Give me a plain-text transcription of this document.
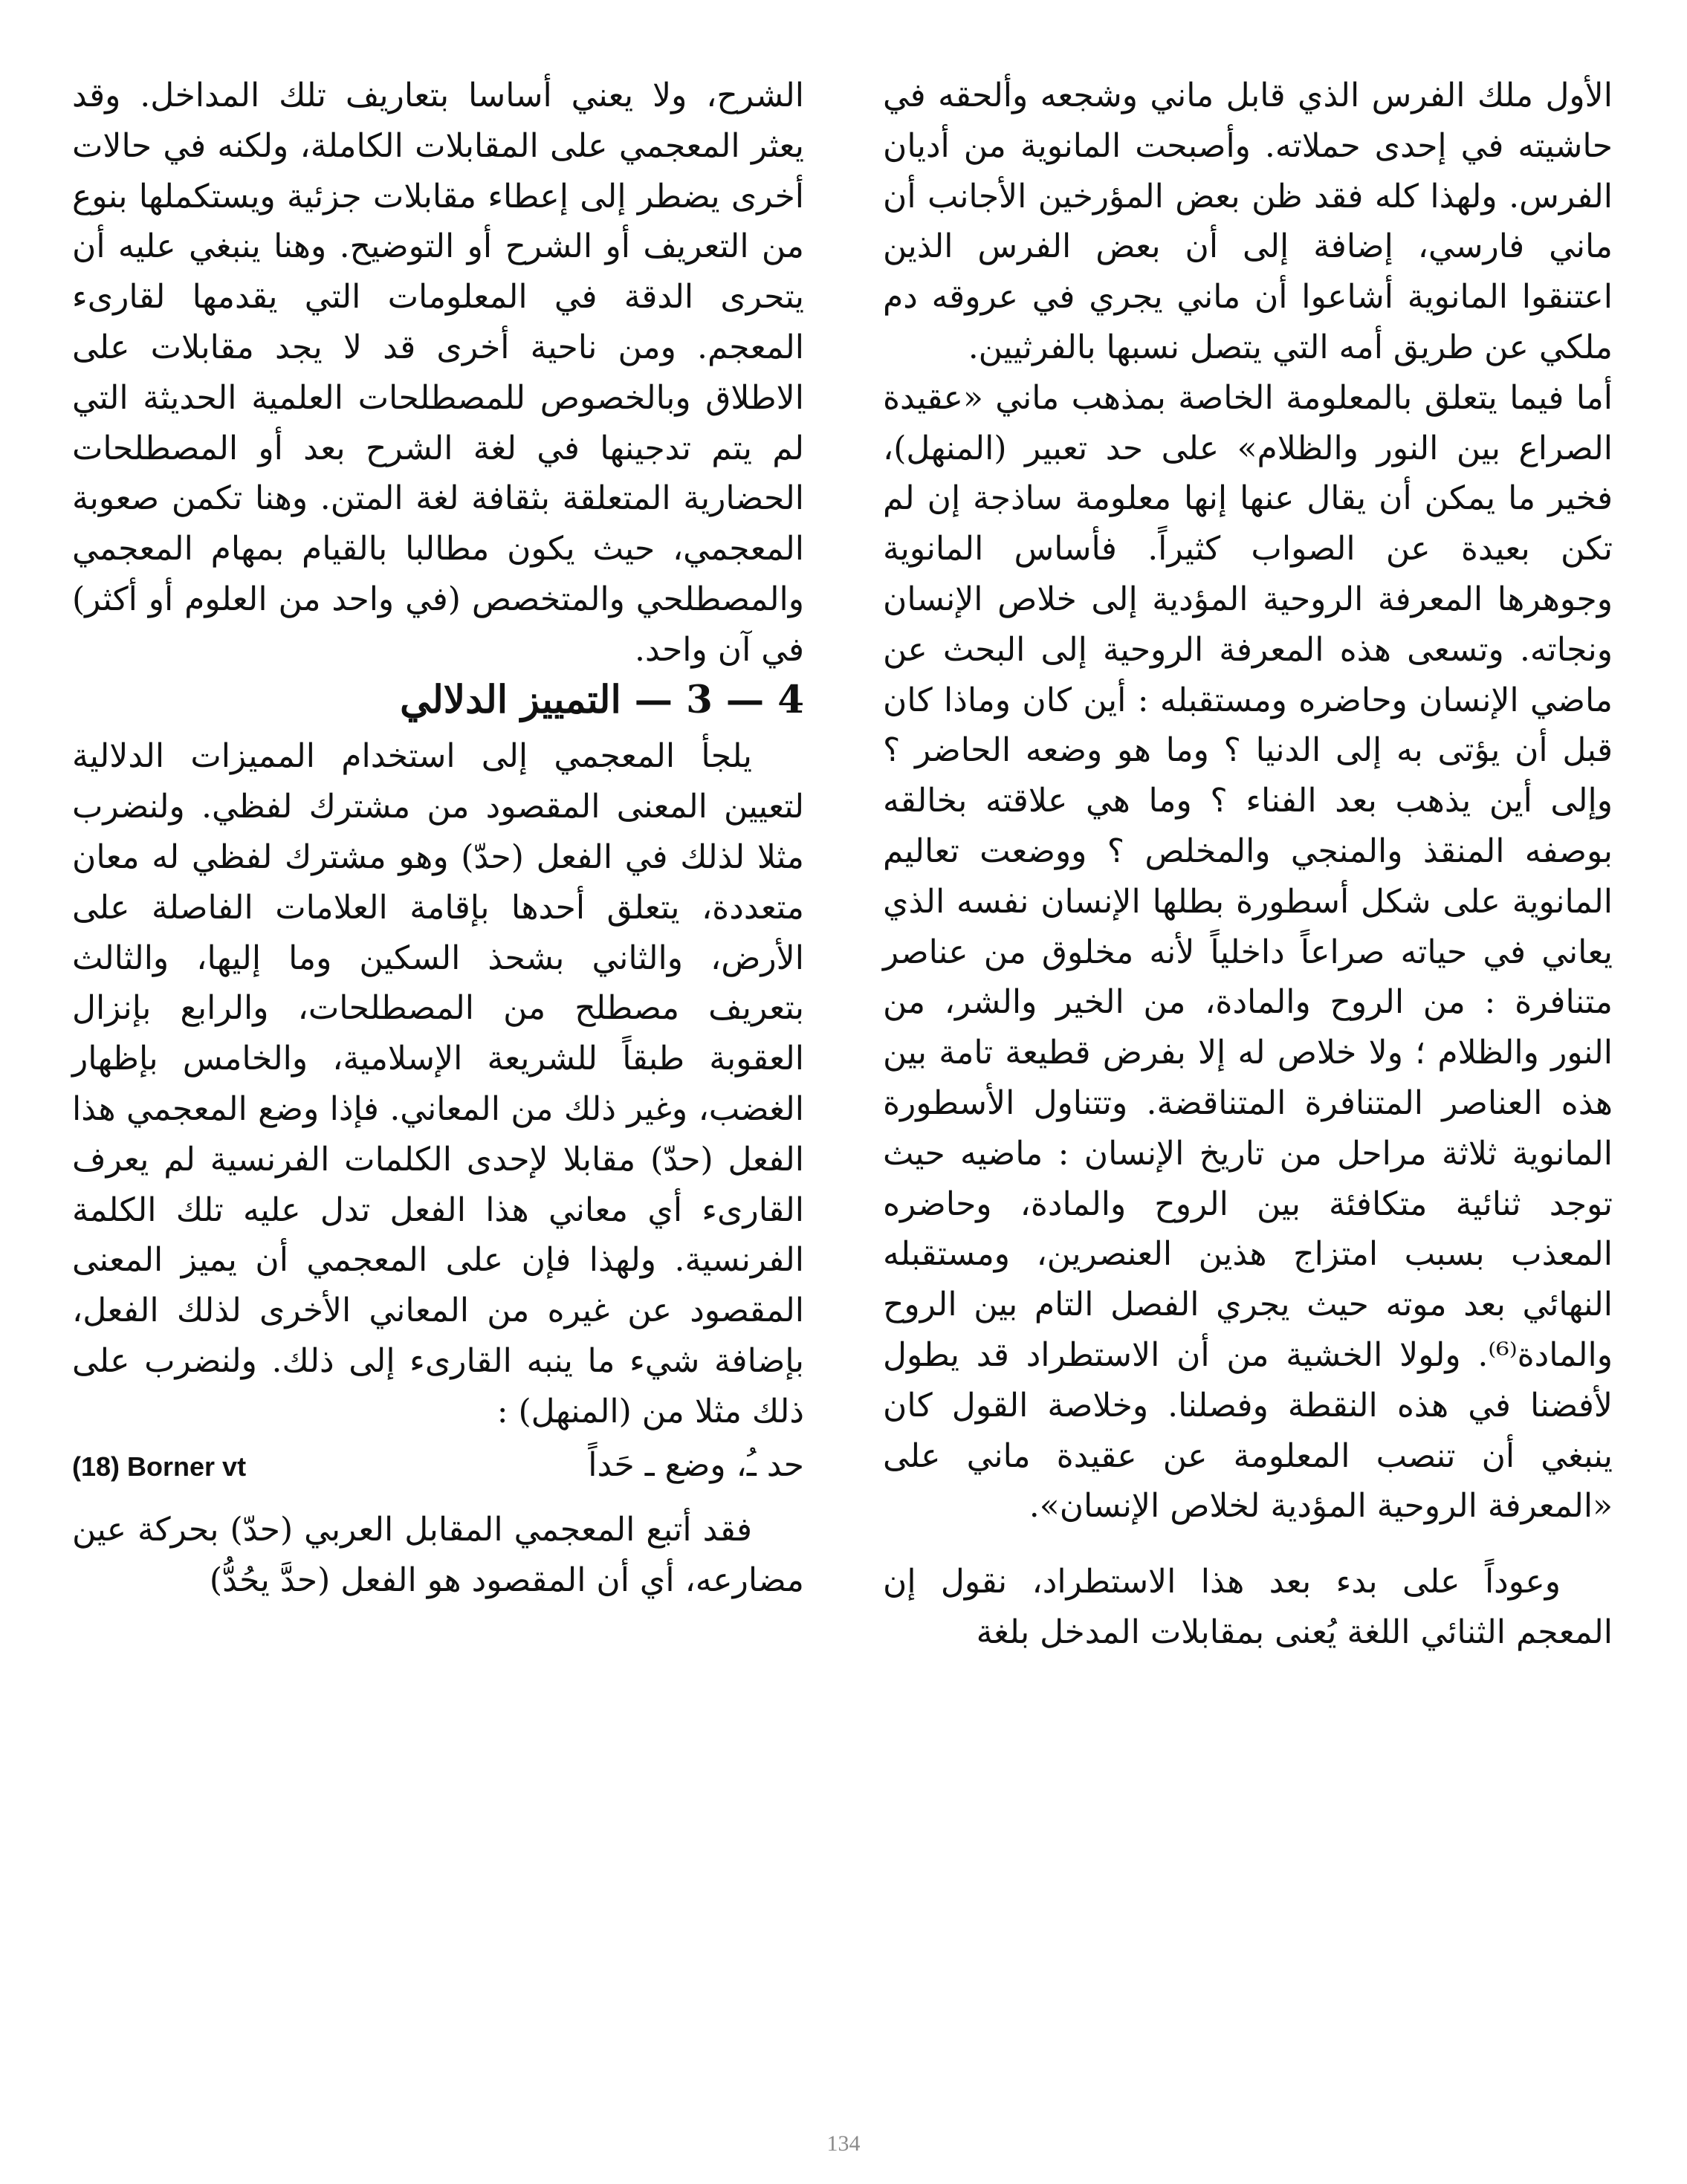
الأول ملك الفرس الذي قابل ماني وشجعه وألحقه في حاشيته في إحدى حملاته. وأصبحت المانوية من أديان الفرس. ولهذا كله فقد ظن بعض المؤرخين الأجانب أن ماني فارسي، إضافة إلى أن بعض الفرس الذين اعتنقوا المانوية أشاعوا أن ماني يجري في عروقه دم ملكي عن طريق أمه التي يتصل نسبها بالفرثيين.

أما فيما يتعلق بالمعلومة الخاصة بمذهب ماني «عقيدة الصراع بين النور والظلام» على حد تعبير (المنهل)، فخير ما يمكن أن يقال عنها إنها معلومة ساذجة إن لم تكن بعيدة عن الصواب كثيراً. فأساس المانوية وجوهرها المعرفة الروحية المؤدية إلى خلاص الإنسان ونجاته. وتسعى هذه المعرفة الروحية إلى البحث عن ماضي الإنسان وحاضره ومستقبله : أين كان وماذا كان قبل أن يؤتى به إلى الدنيا ؟ وما هو وضعه الحاضر ؟ وإلى أين يذهب بعد الفناء ؟ وما هي علاقته بخالقه بوصفه المنقذ والمنجي والمخلص ؟ ووضعت تعاليم المانوية على شكل أسطورة بطلها الإنسان نفسه الذي يعاني في حياته صراعاً داخلياً لأنه مخلوق من عناصر متنافرة : من الروح والمادة، من الخير والشر، من النور والظلام ؛ ولا خلاص له إلا بفرض قطيعة تامة بين هذه العناصر المتنافرة المتناقضة. وتتناول الأسطورة المانوية ثلاثة مراحل من تاريخ الإنسان : ماضيه حيث توجد ثنائية متكافئة بين الروح والمادة، وحاضره المعذب بسبب امتزاج هذين العنصرين، ومستقبله النهائي بعد موته حيث يجري الفصل التام بين الروح والمادة⁽⁶⁾. ولولا الخشية من أن الاستطراد قد يطول لأفضنا في هذه النقطة وفصلنا. وخلاصة القول كان ينبغي أن تنصب المعلومة عن عقيدة ماني على «المعرفة الروحية المؤدية لخلاص الإنسان».

وعوداً على بدء بعد هذا الاستطراد، نقول إن المعجم الثنائي اللغة يُعنى بمقابلات المدخل بلغة

الشرح، ولا يعني أساسا بتعاريف تلك المداخل. وقد يعثر المعجمي على المقابلات الكاملة، ولكنه في حالات أخرى يضطر إلى إعطاء مقابلات جزئية ويستكملها بنوع من التعريف أو الشرح أو التوضيح. وهنا ينبغي عليه أن يتحرى الدقة في المعلومات التي يقدمها لقارىء المعجم. ومن ناحية أخرى قد لا يجد مقابلات على الاطلاق وبالخصوص للمصطلحات العلمية الحديثة التي لم يتم تدجينها في لغة الشرح بعد أو المصطلحات الحضارية المتعلقة بثقافة لغة المتن. وهنا تكمن صعوبة المعجمي، حيث يكون مطالبا بالقيام بمهام المعجمي والمصطلحي والمتخصص (في واحد من العلوم أو أكثر) في آن واحد.

4 — 3 — التمييز الدلالي

يلجأ المعجمي إلى استخدام المميزات الدلالية لتعيين المعنى المقصود من مشترك لفظي. ولنضرب مثلا لذلك في الفعل (حدّ) وهو مشترك لفظي له معان متعددة، يتعلق أحدها بإقامة العلامات الفاصلة على الأرض، والثاني بشحذ السكين وما إليها، والثالث بتعريف مصطلح من المصطلحات، والرابع بإنزال العقوبة طبقاً للشريعة الإسلامية، والخامس بإظهار الغضب، وغير ذلك من المعاني. فإذا وضع المعجمي هذا الفعل (حدّ) مقابلا لإحدى الكلمات الفرنسية لم يعرف القارىء أي معاني هذا الفعل تدل عليه تلك الكلمة الفرنسية. ولهذا فإن على المعجمي أن يميز المعنى المقصود عن غيره من المعاني الأخرى لذلك الفعل، بإضافة شيء ما ينبه القارىء إلى ذلك. ولنضرب على ذلك مثلا من (المنهل) :

حد ـُ، وضع ـ حَداً
(18) Borner vt

فقد أتبع المعجمي المقابل العربي (حدّ) بحركة عين مضارعه، أي أن المقصود هو الفعل (حدَّ يحُدُّ)

134
